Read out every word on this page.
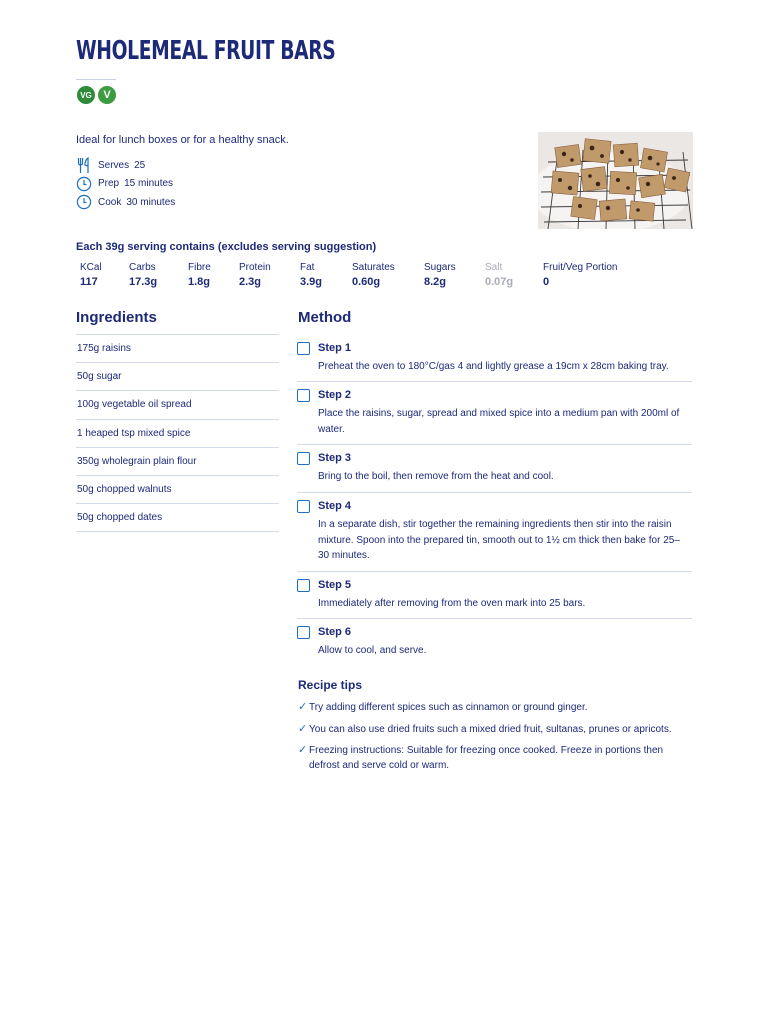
WHOLEMEAL FRUIT BARS
VG	V
Ideal for lunch boxes or for a healthy snack.
Serves 25
Prep 15 minutes
Cook 30 minutes
Each 39g serving contains (excludes serving suggestion)
KCal
117
Carbs
17.3g
Fibre
1.8g
Protein
2.3g
Fat
3.9g
Saturates
0.60g
Sugars
8.2g
Salt
0.07g
Fruit/Veg Portion
0
Ingredients
175g raisins
50g sugar
100g vegetable oil spread
1 heaped tsp mixed spice
350g wholegrain plain flour
50g chopped walnuts
50g chopped dates
Method
Step 1
Preheat the oven to 180°C/gas 4 and lightly grease a 19cm x 28cm baking tray.
Step 2
Place the raisins, sugar, spread and mixed spice into a medium pan with 200ml of water.
Step 3
Bring to the boil, then remove from the heat and cool.
Step 4
In a separate dish, stir together the remaining ingredients then stir into the raisin mixture. Spoon into the prepared tin, smooth out to 1½ cm thick then bake for 25–30 minutes.
Step 5
Immediately after removing from the oven mark into 25 bars.
Step 6
Allow to cool, and serve.
Recipe tips
✓ Try adding different spices such as cinnamon or ground ginger.
✓ You can also use dried fruits such a mixed dried fruit, sultanas, prunes or apricots.
✓ Freezing instructions: Suitable for freezing once cooked. Freeze in portions then defrost and serve cold or warm.
